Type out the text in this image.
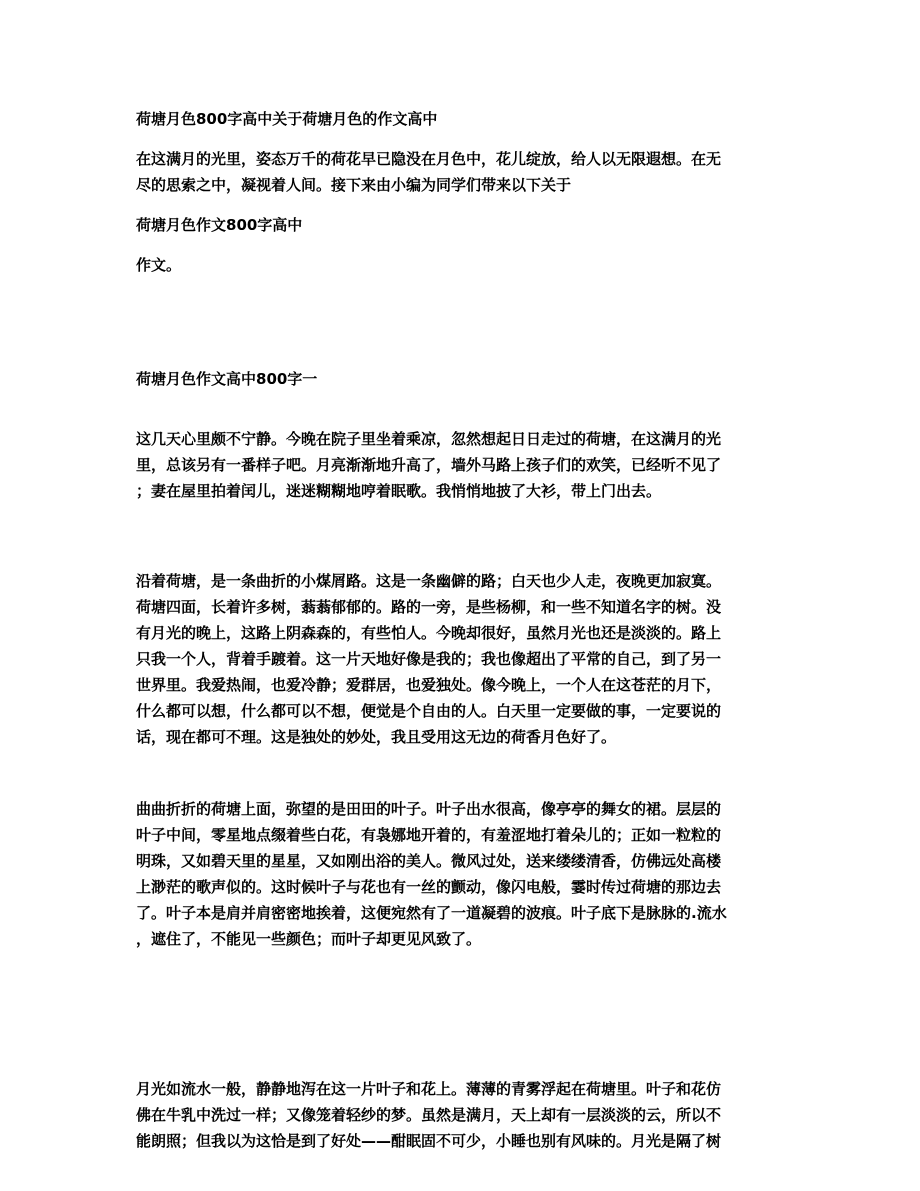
荷塘月色800字高中关于荷塘月色的作文高中
在这满月的光里，姿态万千的荷花早已隐没在月色中，花儿绽放，给人以无限遐想。在无
尽的思索之中，凝视着人间。接下来由小编为同学们带来以下关于
荷塘月色作文800字高中
作文。
荷塘月色作文高中800字一
这几天心里颇不宁静。今晚在院子里坐着乘凉，忽然想起日日走过的荷塘，在这满月的光
里，总该另有一番样子吧。月亮渐渐地升高了，墙外马路上孩子们的欢笑，已经听不见了
；妻在屋里拍着闰儿，迷迷糊糊地哼着眠歌。我悄悄地披了大衫，带上门出去。
沿着荷塘，是一条曲折的小煤屑路。这是一条幽僻的路；白天也少人走，夜晚更加寂寞。
荷塘四面，长着许多树，蓊蓊郁郁的。路的一旁，是些杨柳，和一些不知道名字的树。没
有月光的晚上，这路上阴森森的，有些怕人。今晚却很好，虽然月光也还是淡淡的。路上
只我一个人，背着手踱着。这一片天地好像是我的；我也像超出了平常的自己，到了另一
世界里。我爱热闹，也爱冷静；爱群居，也爱独处。像今晚上，一个人在这苍茫的月下，
什么都可以想，什么都可以不想，便觉是个自由的人。白天里一定要做的事，一定要说的
话，现在都可不理。这是独处的妙处，我且受用这无边的荷香月色好了。
曲曲折折的荷塘上面，弥望的是田田的叶子。叶子出水很高，像亭亭的舞女的裙。层层的
叶子中间，零星地点缀着些白花，有袅娜地开着的，有羞涩地打着朵儿的；正如一粒粒的
明珠，又如碧天里的星星，又如刚出浴的美人。微风过处，送来缕缕清香，仿佛远处高楼
上渺茫的歌声似的。这时候叶子与花也有一丝的颤动，像闪电般，霎时传过荷塘的那边去
了。叶子本是肩并肩密密地挨着，这便宛然有了一道凝碧的波痕。叶子底下是脉脉的.流水
，遮住了，不能见一些颜色；而叶子却更见风致了。
月光如流水一般，静静地泻在这一片叶子和花上。薄薄的青雾浮起在荷塘里。叶子和花仿
佛在牛乳中洗过一样；又像笼着轻纱的梦。虽然是满月，天上却有一层淡淡的云，所以不
能朗照；但我以为这恰是到了好处——酣眠固不可少，小睡也别有风味的。月光是隔了树
